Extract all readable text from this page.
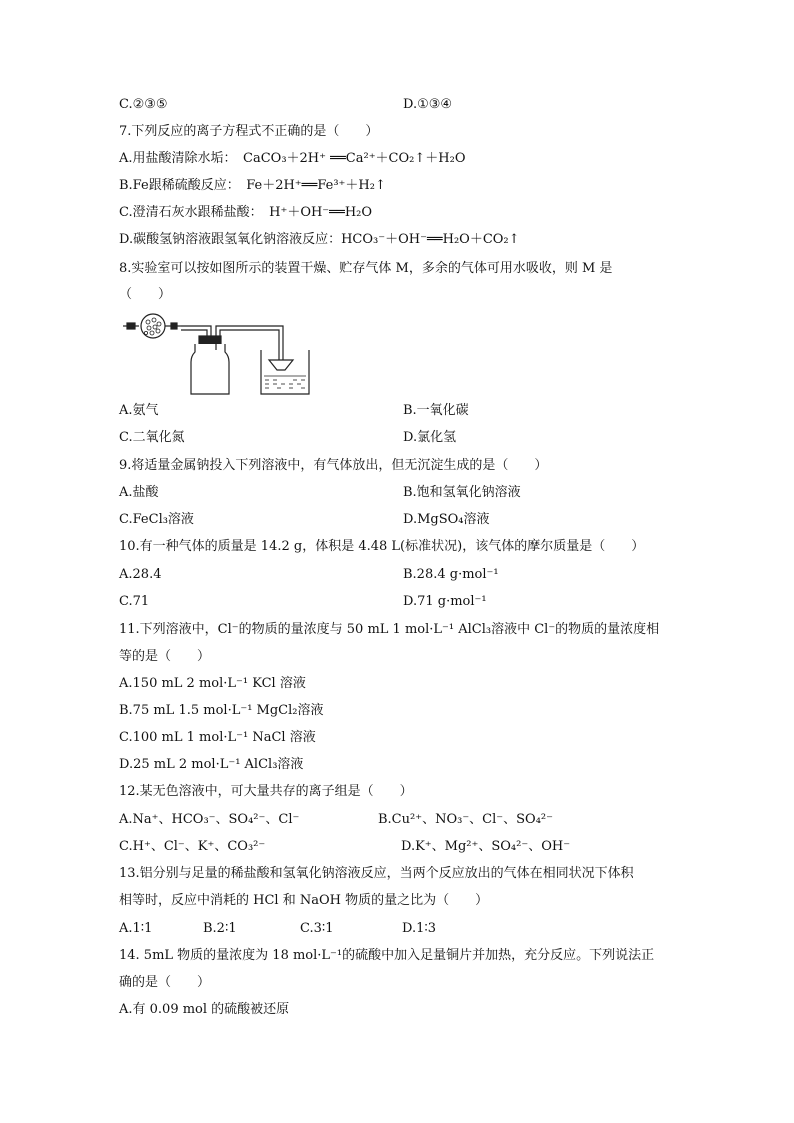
C.②③⑤	D.①③④
7.下列反应的离子方程式不正确的是（　　）
A.用盐酸清除水垢：　CaCO₃＋2H⁺ ══Ca²⁺＋CO₂↑＋H₂O
B.Fe跟稀硫酸反应：　Fe＋2H⁺══Fe³⁺＋H₂↑
C.澄清石灰水跟稀盐酸：　H⁺＋OH⁻══H₂O
D.碳酸氢钠溶液跟氢氧化钠溶液反应：HCO₃⁻＋OH⁻══H₂O＋CO₂↑
8.实验室可以按如图所示的装置干燥、贮存气体 M，多余的气体可用水吸收，则 M 是
（　　）
A.氨气	B.一氧化碳
C.二氧化氮	D.氯化氢
9.将适量金属钠投入下列溶液中，有气体放出，但无沉淀生成的是（　　）
A.盐酸	B.饱和氢氧化钠溶液
C.FeCl₃溶液	D.MgSO₄溶液
10.有一种气体的质量是 14.2 g，体积是 4.48 L(标准状况)，该气体的摩尔质量是（　　）
A.28.4	B.28.4 g·mol⁻¹
C.71	D.71 g·mol⁻¹
11.下列溶液中，Cl⁻的物质的量浓度与 50 mL 1 mol·L⁻¹ AlCl₃溶液中 Cl⁻的物质的量浓度相
等的是（　　）
A.150 mL 2 mol·L⁻¹ KCl 溶液
B.75 mL 1.5 mol·L⁻¹ MgCl₂溶液
C.100 mL 1 mol·L⁻¹ NaCl 溶液
D.25 mL 2 mol·L⁻¹ AlCl₃溶液
12.某无色溶液中，可大量共存的离子组是（　　）
A.Na⁺、HCO₃⁻、SO₄²⁻、Cl⁻	B.Cu²⁺、NO₃⁻、Cl⁻、SO₄²⁻
C.H⁺、Cl⁻、K⁺、CO₃²⁻	D.K⁺、Mg²⁺、SO₄²⁻、OH⁻
13.铝分别与足量的稀盐酸和氢氧化钠溶液反应，当两个反应放出的气体在相同状况下体积
相等时，反应中消耗的 HCl 和 NaOH 物质的量之比为（　　）
A.1∶1	B.2∶1	C.3∶1	D.1∶3
14. 5mL 物质的量浓度为 18 mol·L⁻¹的硫酸中加入足量铜片并加热，充分反应。下列说法正
确的是（　　）
A.有 0.09 mol 的硫酸被还原
